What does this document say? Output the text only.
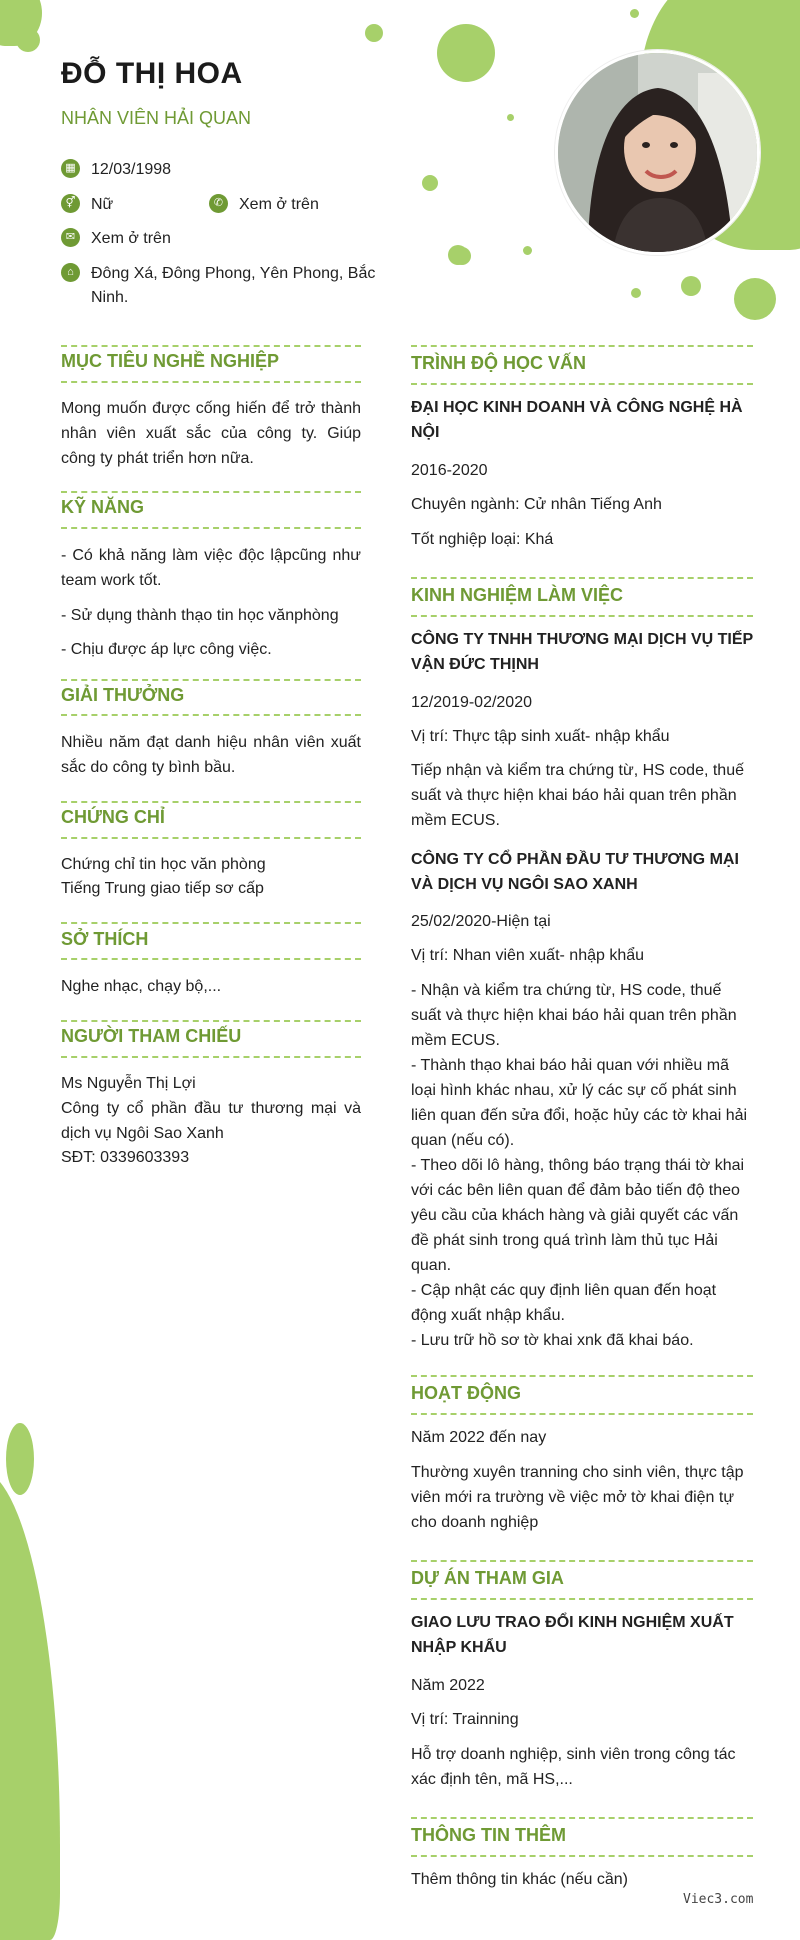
ĐỖ THỊ HOA
NHÂN VIÊN HẢI QUAN
▦ 12/03/1998
⚥ Nữ	✆ Xem ở trên
✉ Xem ở trên
⌂	Đông Xá, Đông Phong, Yên Phong, Bắc
Ninh.
MỤC TIÊU NGHỀ NGHIỆP
Mong muốn được cống hiến để trở thành nhân viên xuất sắc của công ty. Giúp công ty phát triển hơn nữa.
KỸ NĂNG
- Có khả năng làm việc độc lậpcũng như team work tốt.
- Sử dụng thành thạo tin học vănphòng
- Chịu được áp lực công việc.
GIẢI THƯỞNG
Nhiều năm đạt danh hiệu nhân viên xuất sắc do công ty bình bầu.
CHỨNG CHỈ
Chứng chỉ tin học văn phòng
Tiếng Trung giao tiếp sơ cấp
SỞ THÍCH
Nghe nhạc, chạy bộ,...
NGƯỜI THAM CHIẾU
Ms Nguyễn Thị Lợi
Công ty cổ phần đầu tư thương mại và dịch vụ Ngôi Sao Xanh
SĐT: 0339603393
TRÌNH ĐỘ HỌC VẤN
ĐẠI HỌC KINH DOANH VÀ CÔNG NGHỆ HÀ NỘI
2016-2020
Chuyên ngành: Cử nhân Tiếng Anh
Tốt nghiệp loại: Khá
KINH NGHIỆM LÀM VIỆC
CÔNG TY TNHH THƯƠNG MẠI DỊCH VỤ TIẾP VẬN ĐỨC THỊNH
12/2019-02/2020
Vị trí: Thực tập sinh xuất- nhập khẩu
Tiếp nhận và kiểm tra chứng từ, HS code, thuế suất và thực hiện khai báo hải quan trên phần mềm ECUS.
CÔNG TY CỔ PHẦN ĐẦU TƯ THƯƠNG MẠI VÀ DỊCH VỤ NGÔI SAO XANH
25/02/2020-Hiện tại
Vị trí: Nhan viên xuất- nhập khẩu
- Nhận và kiểm tra chứng từ, HS code, thuế suất và thực hiện khai báo hải quan trên phần mềm ECUS.
- Thành thạo khai báo hải quan với nhiều mã loại hình khác nhau, xử lý các sự cố phát sinh liên quan đến sửa đổi, hoặc hủy các tờ khai hải quan (nếu có).
- Theo dõi lô hàng, thông báo trạng thái tờ khai với các bên liên quan để đảm bảo tiến độ theo yêu cầu của khách hàng và giải quyết các vấn đề phát sinh trong quá trình làm thủ tục Hải quan.
- Cập nhật các quy định liên quan đến hoạt động xuất nhập khẩu.
- Lưu trữ hồ sơ tờ khai xnk đã khai báo.
HOẠT ĐỘNG
Năm 2022 đến nay
Thường xuyên tranning cho sinh viên, thực tập viên mới ra trường về việc mở tờ khai điện tự cho doanh nghiệp
DỰ ÁN THAM GIA
GIAO LƯU TRAO ĐỔI KINH NGHIỆM XUẤT NHẬP KHẨU
Năm 2022
Vị trí: Trainning
Hỗ trợ doanh nghiệp, sinh viên trong công tác xác định tên, mã HS,...
THÔNG TIN THÊM
Thêm thông tin khác (nếu cần)
Viec3.com
